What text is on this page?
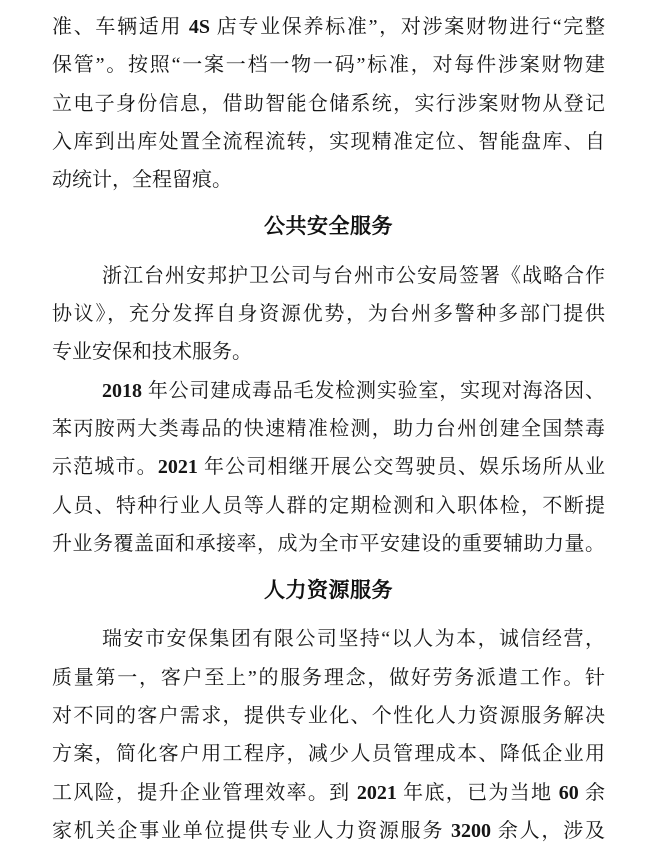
准、车辆适用 4S 店专业保养标准”，对涉案财物进行“完整
保管”。按照“一案一档一物一码”标准，对每件涉案财物建
立电子身份信息，借助智能仓储系统，实行涉案财物从登记
入库到出库处置全流程流转，实现精准定位、智能盘库、自
动统计，全程留痕。
公共安全服务
浙江台州安邦护卫公司与台州市公安局签署《战略合作
协议》，充分发挥自身资源优势，为台州多警种多部门提供
专业安保和技术服务。
2018 年公司建成毒品毛发检测实验室，实现对海洛因、
苯丙胺两大类毒品的快速精准检测，助力台州创建全国禁毒
示范城市。2021 年公司相继开展公交驾驶员、娱乐场所从业
人员、特种行业人员等人群的定期检测和入职体检，不断提
升业务覆盖面和承接率，成为全市平安建设的重要辅助力量。
人力资源服务
瑞安市安保集团有限公司坚持“以人为本，诚信经营，
质量第一，客户至上”的服务理念，做好劳务派遣工作。针
对不同的客户需求，提供专业化、个性化人力资源服务解决
方案，简化客户用工程序，减少人员管理成本、降低企业用
工风险，提升企业管理效率。到 2021 年底，已为当地 60 余
家机关企事业单位提供专业人力资源服务 3200 余人，涉及
